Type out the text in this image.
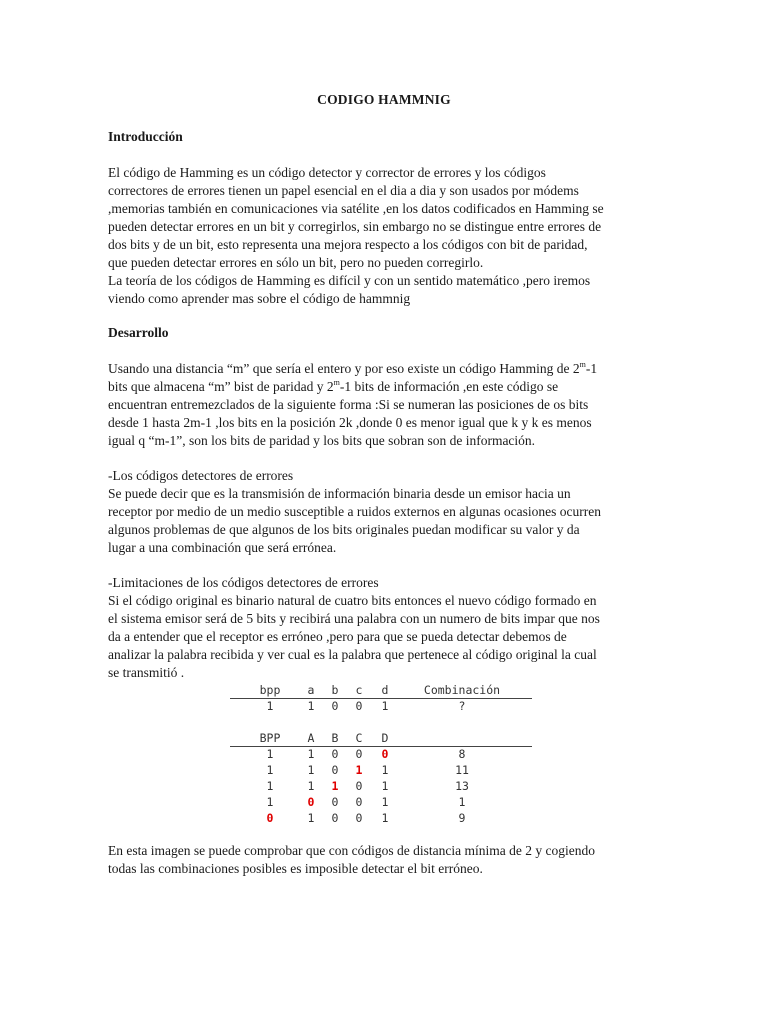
CODIGO HAMMNIG
Introducción
El código de Hamming es un código detector y corrector de errores y los códigos
correctores de errores tienen un papel esencial en el dia a dia y son usados por módems
,memorias también en comunicaciones via satélite ,en los datos codificados en Hamming se
pueden detectar errores en un bit y corregirlos, sin embargo no se distingue entre errores de
dos bits y de un bit, esto representa una mejora respecto a los códigos con bit de paridad,
que pueden detectar errores en sólo un bit, pero no pueden corregirlo.
La teoría de los códigos de Hamming es difícil y con un sentido matemático ,pero iremos
viendo como aprender mas sobre el código de hammnig
Desarrollo
Usando una distancia “m” que sería el entero y por eso existe un código Hamming de 2$^m$-1
bits que almacena “m” bist de paridad y 2$^m$-1 bits de información ,en este código se
encuentran entremezclados de la siguiente forma :Si se numeran las posiciones de os bits
desde 1 hasta 2m-1 ,los bits en la posición 2k ,donde 0 es menor igual que k y k es menos
igual q “m-1”, son los bits de paridad y los bits que sobran son de información.
-Los códigos detectores de errores
Se puede decir que es la transmisión de información binaria desde un emisor hacia un
receptor por medio de un medio susceptible a ruidos externos en algunas ocasiones ocurren
algunos problemas de que algunos de los bits originales puedan modificar su valor y da
lugar a una combinación que será errónea.
-Limitaciones de los códigos detectores de errores
Si el código original es binario natural de cuatro bits entonces el nuevo código formado en
el sistema emisor será de 5 bits y recibirá una palabra con un numero de bits impar que nos
da a entender que el receptor es erróneo ,pero para que se pueda detectar debemos de
analizar la palabra recibida y ver cual es la palabra que pertenece al código original la cual
se transmitió .
bpp	a	b	c	d	Combinación
1	1	0	0	1	?
BPP	A	B	C	D
1	1	0	0	0	8
1	1	0	1	1	11
1	1	1	0	1	13
1	0	0	0	1	1
0	1	0	0	1	9
En esta imagen se puede comprobar que con códigos de distancia mínima de 2 y cogiendo
todas las combinaciones posibles es imposible detectar el bit erróneo.
